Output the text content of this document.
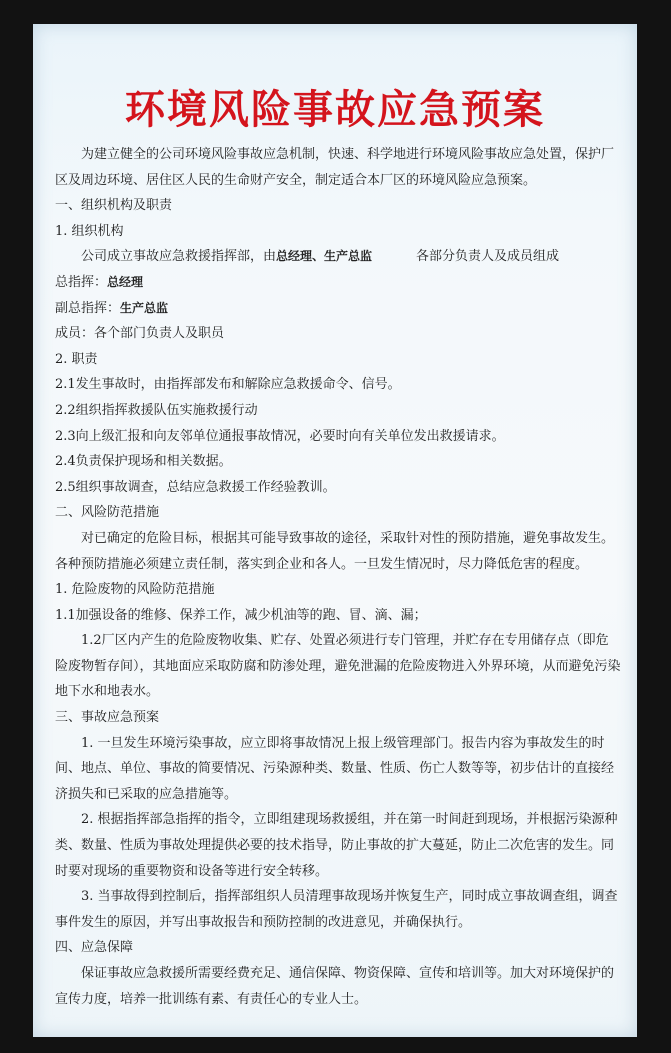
环境风险事故应急预案

为建立健全的公司环境风险事故应急机制，快速、科学地进行环境风险事故应急处置，保护厂区及周边环境、居住区人民的生命财产安全，制定适合本厂区的环境风险应急预案。

一、组织机构及职责

1. 组织机构

公司成立事故应急救援指挥部，由总经理、生产总监	各部分负责人及成员组成

总指挥：总经理

副总指挥：生产总监

成员：各个部门负责人及职员

2. 职责

2.1发生事故时，由指挥部发布和解除应急救援命令、信号。

2.2组织指挥救援队伍实施救援行动

2.3向上级汇报和向友邻单位通报事故情况，必要时向有关单位发出救援请求。

2.4负责保护现场和相关数据。

2.5组织事故调查，总结应急救援工作经验教训。

二、风险防范措施

对已确定的危险目标，根据其可能导致事故的途径，采取针对性的预防措施，避免事故发生。各种预防措施必须建立责任制，落实到企业和各人。一旦发生情况时，尽力降低危害的程度。

1. 危险废物的风险防范措施

1.1加强设备的维修、保养工作，减少机油等的跑、冒、滴、漏；

1.2厂区内产生的危险废物收集、贮存、处置必须进行专门管理，并贮存在专用储存点（即危险废物暂存间），其地面应采取防腐和防渗处理，避免泄漏的危险废物进入外界环境，从而避免污染地下水和地表水。

三、事故应急预案

1. 一旦发生环境污染事故，应立即将事故情况上报上级管理部门。报告内容为事故发生的时间、地点、单位、事故的简要情况、污染源种类、数量、性质、伤亡人数等等，初步估计的直接经济损失和已采取的应急措施等。

2. 根据指挥部急指挥的指令，立即组建现场救援组，并在第一时间赶到现场，并根据污染源种类、数量、性质为事故处理提供必要的技术指导，防止事故的扩大蔓延，防止二次危害的发生。同时要对现场的重要物资和设备等进行安全转移。

3. 当事故得到控制后，指挥部组织人员清理事故现场并恢复生产，同时成立事故调查组，调查事件发生的原因，并写出事故报告和预防控制的改进意见，并确保执行。

四、应急保障

保证事故应急救援所需要经费充足、通信保障、物资保障、宣传和培训等。加大对环境保护的宣传力度，培养一批训练有素、有责任心的专业人士。
